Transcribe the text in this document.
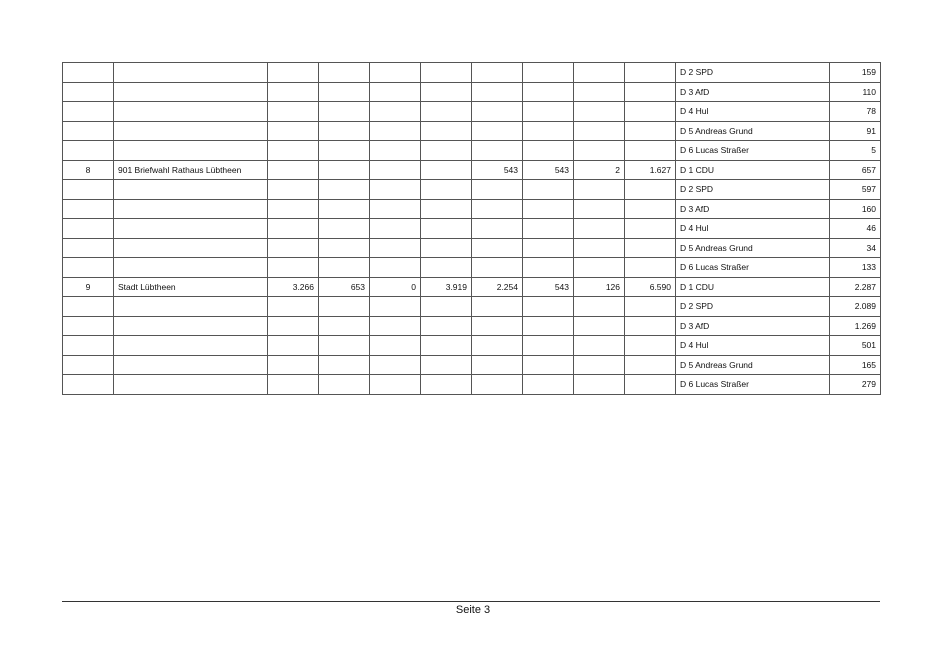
										D 2 SPD	159
										D 3 AfD	110
										D 4 Hul	78
										D 5 Andreas Grund	91
										D 6 Lucas Straßer	5
8	901 Briefwahl Rathaus Lübtheen					543	543	2	1.627	D 1 CDU	657
										D 2 SPD	597
										D 3 AfD	160
										D 4 Hul	46
										D 5 Andreas Grund	34
										D 6 Lucas Straßer	133
9	Stadt Lübtheen	3.266	653	0	3.919	2.254	543	126	6.590	D 1 CDU	2.287
										D 2 SPD	2.089
										D 3 AfD	1.269
										D 4 Hul	501
										D 5 Andreas Grund	165
										D 6 Lucas Straßer	279
Seite 3
